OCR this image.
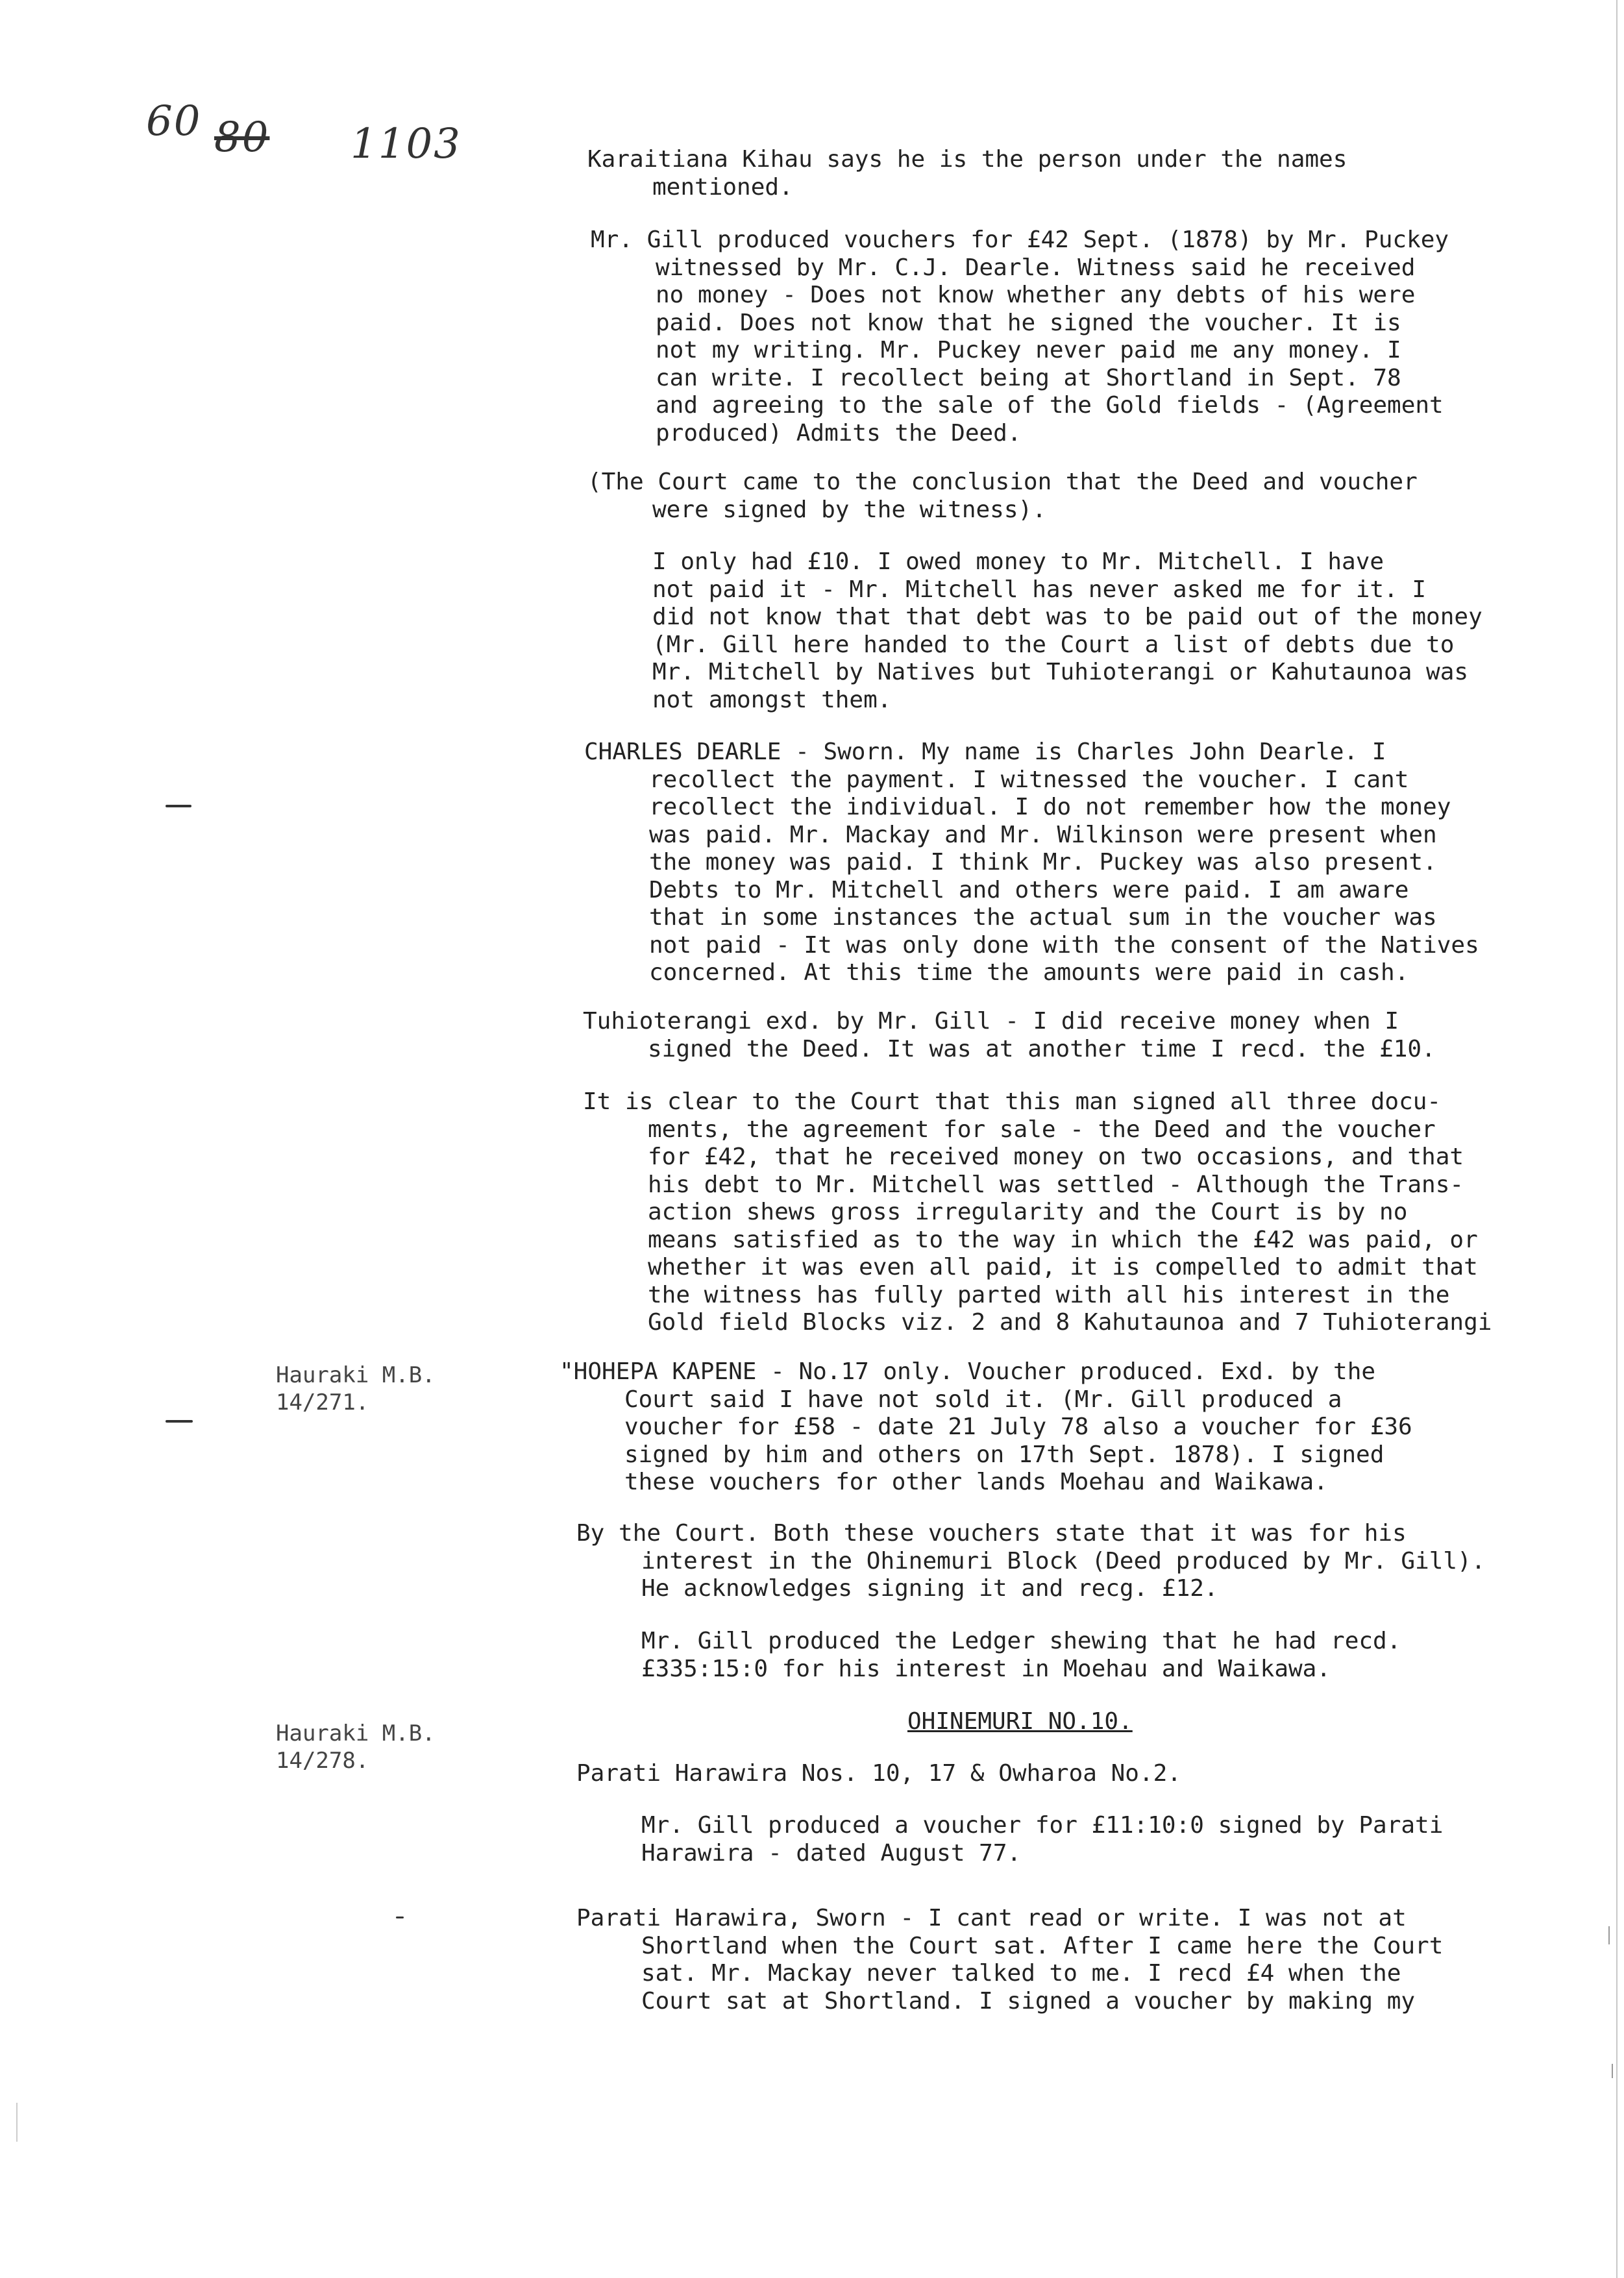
60 80 1103
Hauraki M.B.
14/271.
Hauraki M.B.
14/278.
Karaitiana Kihau says he is the person under the names
mentioned.
Mr. Gill produced vouchers for £42 Sept. (1878) by Mr. Puckey
witnessed by Mr. C.J. Dearle. Witness said he received
no money - Does not know whether any debts of his were
paid. Does not know that he signed the voucher. It is
not my writing. Mr. Puckey never paid me any money. I
can write. I recollect being at Shortland in Sept. 78
and agreeing to the sale of the Gold fields - (Agreement
produced) Admits the Deed.
(The Court came to the conclusion that the Deed and voucher
were signed by the witness).
I only had £10. I owed money to Mr. Mitchell. I have
not paid it - Mr. Mitchell has never asked me for it. I
did not know that that debt was to be paid out of the money
(Mr. Gill here handed to the Court a list of debts due to
Mr. Mitchell by Natives but Tuhioterangi or Kahutaunoa was
not amongst them.
CHARLES DEARLE - Sworn. My name is Charles John Dearle. I
recollect the payment. I witnessed the voucher. I cant
recollect the individual. I do not remember how the money
was paid. Mr. Mackay and Mr. Wilkinson were present when
the money was paid. I think Mr. Puckey was also present.
Debts to Mr. Mitchell and others were paid. I am aware
that in some instances the actual sum in the voucher was
not paid - It was only done with the consent of the Natives
concerned. At this time the amounts were paid in cash.
Tuhioterangi exd. by Mr. Gill - I did receive money when I
signed the Deed. It was at another time I recd. the £10.
It is clear to the Court that this man signed all three docu-
ments, the agreement for sale - the Deed and the voucher
for £42, that he received money on two occasions, and that
his debt to Mr. Mitchell was settled - Although the Trans-
action shews gross irregularity and the Court is by no
means satisfied as to the way in which the £42 was paid, or
whether it was even all paid, it is compelled to admit that
the witness has fully parted with all his interest in the
Gold field Blocks viz. 2 and 8 Kahutaunoa and 7 Tuhioterangi
"HOHEPA KAPENE - No.17 only. Voucher produced. Exd. by the
Court said I have not sold it. (Mr. Gill produced a
voucher for £58 - date 21 July 78 also a voucher for £36
signed by him and others on 17th Sept. 1878). I signed
these vouchers for other lands Moehau and Waikawa.
By the Court. Both these vouchers state that it was for his
interest in the Ohinemuri Block (Deed produced by Mr. Gill).
He acknowledges signing it and recg. £12.
Mr. Gill produced the Ledger shewing that he had recd.
£335:15:0 for his interest in Moehau and Waikawa.
OHINEMURI NO.10.
Parati Harawira Nos. 10, 17 & Owharoa No.2.
Mr. Gill produced a voucher for £11:10:0 signed by Parati
Harawira - dated August 77.
Parati Harawira, Sworn - I cant read or write. I was not at
Shortland when the Court sat. After I came here the Court
sat. Mr. Mackay never talked to me. I recd £4 when the
Court sat at Shortland. I signed a voucher by making my
